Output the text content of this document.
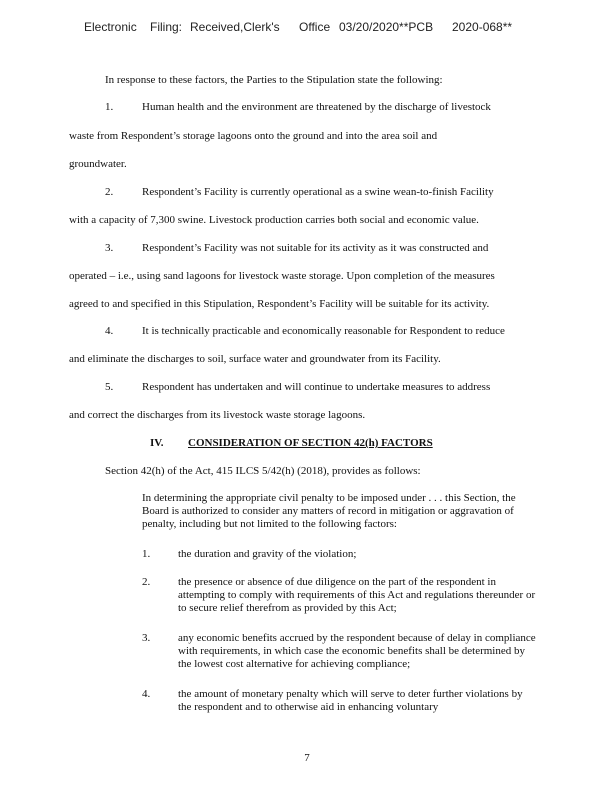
Electronic Filing: Received,Clerk's Office 03/20/2020**PCB 2020-068**
In response to these factors, the Parties to the Stipulation state the following:
1.	Human health and the environment are threatened by the discharge of livestock
waste from Respondent’s storage lagoons onto the ground and into the area soil and
groundwater.
2.	Respondent’s Facility is currently operational as a swine wean-to-finish Facility
with a capacity of 7,300 swine. Livestock production carries both social and economic value.
3.	Respondent’s Facility was not suitable for its activity as it was constructed and
operated – i.e., using sand lagoons for livestock waste storage. Upon completion of the measures
agreed to and specified in this Stipulation, Respondent’s Facility will be suitable for its activity.
4.	It is technically practicable and economically reasonable for Respondent to reduce
and eliminate the discharges to soil, surface water and groundwater from its Facility.
5.	Respondent has undertaken and will continue to undertake measures to address
and correct the discharges from its livestock waste storage lagoons.
IV. CONSIDERATION OF SECTION 42(h) FACTORS
Section 42(h) of the Act, 415 ILCS 5/42(h) (2018), provides as follows:
In determining the appropriate civil penalty to be imposed under . . . this Section, the Board is authorized to consider any matters of record in mitigation or aggravation of penalty, including but not limited to the following factors:
1.	the duration and gravity of the violation;
2.	the presence or absence of due diligence on the part of the respondent in attempting to comply with requirements of this Act and regulations thereunder or to secure relief therefrom as provided by this Act;
3.	any economic benefits accrued by the respondent because of delay in compliance with requirements, in which case the economic benefits shall be determined by the lowest cost alternative for achieving compliance;
4.	the amount of monetary penalty which will serve to deter further violations by the respondent and to otherwise aid in enhancing voluntary
7
